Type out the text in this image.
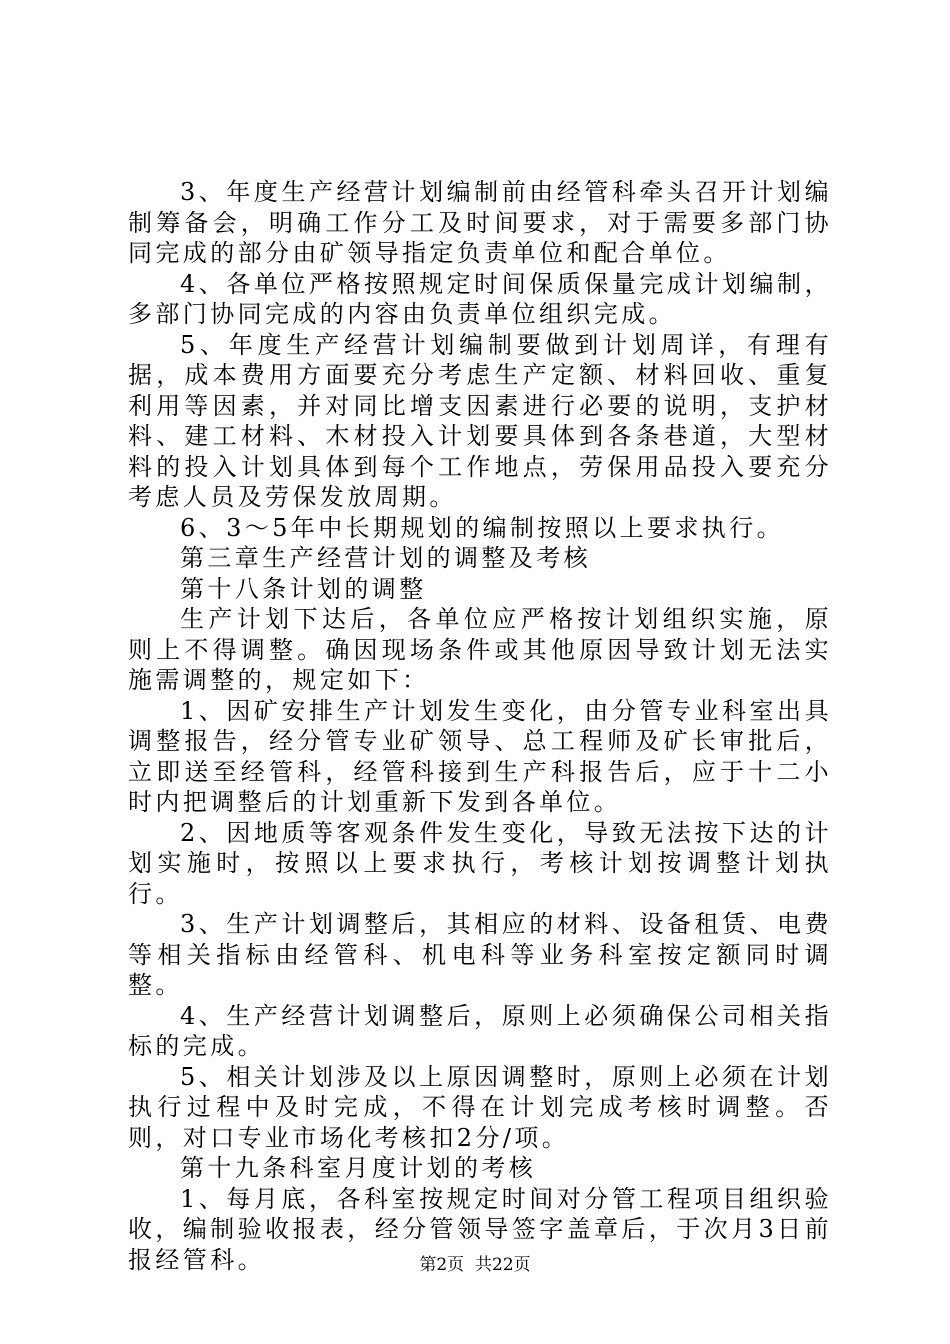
3、年度生产经营计划编制前由经管科牵头召开计划编制筹备会，明确工作分工及时间要求，对于需要多部门协同完成的部分由矿领导指定负责单位和配合单位。

4、各单位严格按照规定时间保质保量完成计划编制，多部门协同完成的内容由负责单位组织完成。

5、年度生产经营计划编制要做到计划周详，有理有据，成本费用方面要充分考虑生产定额、材料回收、重复利用等因素，并对同比增支因素进行必要的说明，支护材料、建工材料、木材投入计划要具体到各条巷道，大型材料的投入计划具体到每个工作地点，劳保用品投入要充分考虑人员及劳保发放周期。

6、3～5年中长期规划的编制按照以上要求执行。

第三章生产经营计划的调整及考核

第十八条计划的调整

生产计划下达后，各单位应严格按计划组织实施，原则上不得调整。确因现场条件或其他原因导致计划无法实施需调整的，规定如下：

1、因矿安排生产计划发生变化，由分管专业科室出具调整报告，经分管专业矿领导、总工程师及矿长审批后，立即送至经管科，经管科接到生产科报告后，应于十二小时内把调整后的计划重新下发到各单位。

2、因地质等客观条件发生变化，导致无法按下达的计划实施时，按照以上要求执行，考核计划按调整计划执行。

3、生产计划调整后，其相应的材料、设备租赁、电费等相关指标由经管科、机电科等业务科室按定额同时调整。

4、生产经营计划调整后，原则上必须确保公司相关指标的完成。

5、相关计划涉及以上原因调整时，原则上必须在计划执行过程中及时完成，不得在计划完成考核时调整。否则，对口专业市场化考核扣2分/项。

第十九条科室月度计划的考核

1、每月底，各科室按规定时间对分管工程项目组织验收，编制验收报表，经分管领导签字盖章后，于次月3日前报经管科。	第2页 共22页
